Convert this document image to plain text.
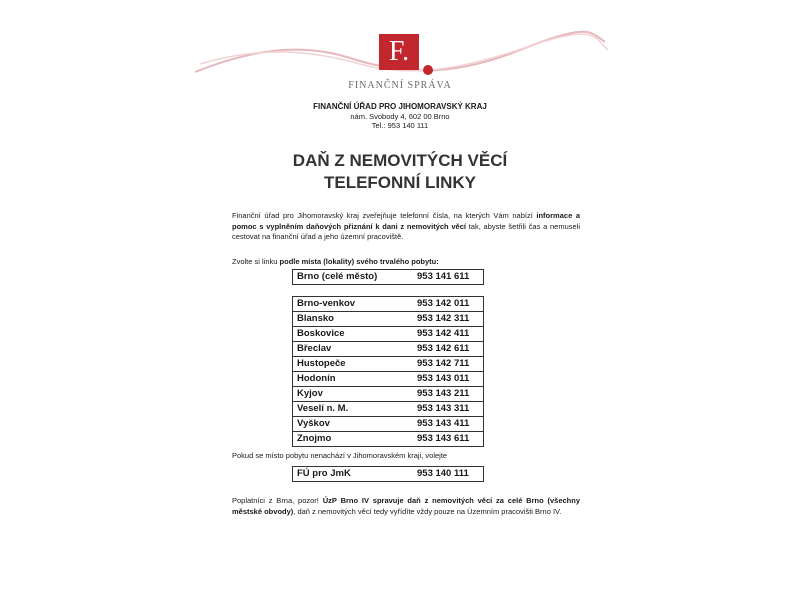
F.
FINANČNÍ SPRÁVA
FINANČNÍ ÚŘAD PRO JIHOMORAVSKÝ KRAJ
nám. Svobody 4, 602 00 Brno
Tel.: 953 140 111
DAŇ Z NEMOVITÝCH VĚCÍ
TELEFONNÍ LINKY
Finanční úřad pro Jihomoravský kraj zveřejňuje telefonní čísla, na kterých Vám nabízí informace a pomoc s vyplněním daňových přiznání k dani z nemovitých věcí tak, abyste šetřili čas a nemuseli cestovat na finanční úřad a jeho územní pracoviště.
Zvolte si linku podle místa (lokality) svého trvalého pobytu:
Brno (celé město)	953 141 611
Brno-venkov	953 142 011
Blansko	953 142 311
Boskovice	953 142 411
Břeclav	953 142 611
Hustopeče	953 142 711
Hodonín	953 143 011
Kyjov	953 143 211
Veselí n. M.	953 143 311
Vyškov	953 143 411
Znojmo	953 143 611
Pokud se místo pobytu nenachází v Jihomoravském kraji, volejte
FÚ pro JmK	953 140 111
Poplatníci z Brna, pozor! ÚzP Brno IV spravuje daň z nemovitých věcí za celé Brno (všechny městské obvody), daň z nemovitých věcí tedy vyřídíte vždy pouze na Územním pracovišti Brno IV.
